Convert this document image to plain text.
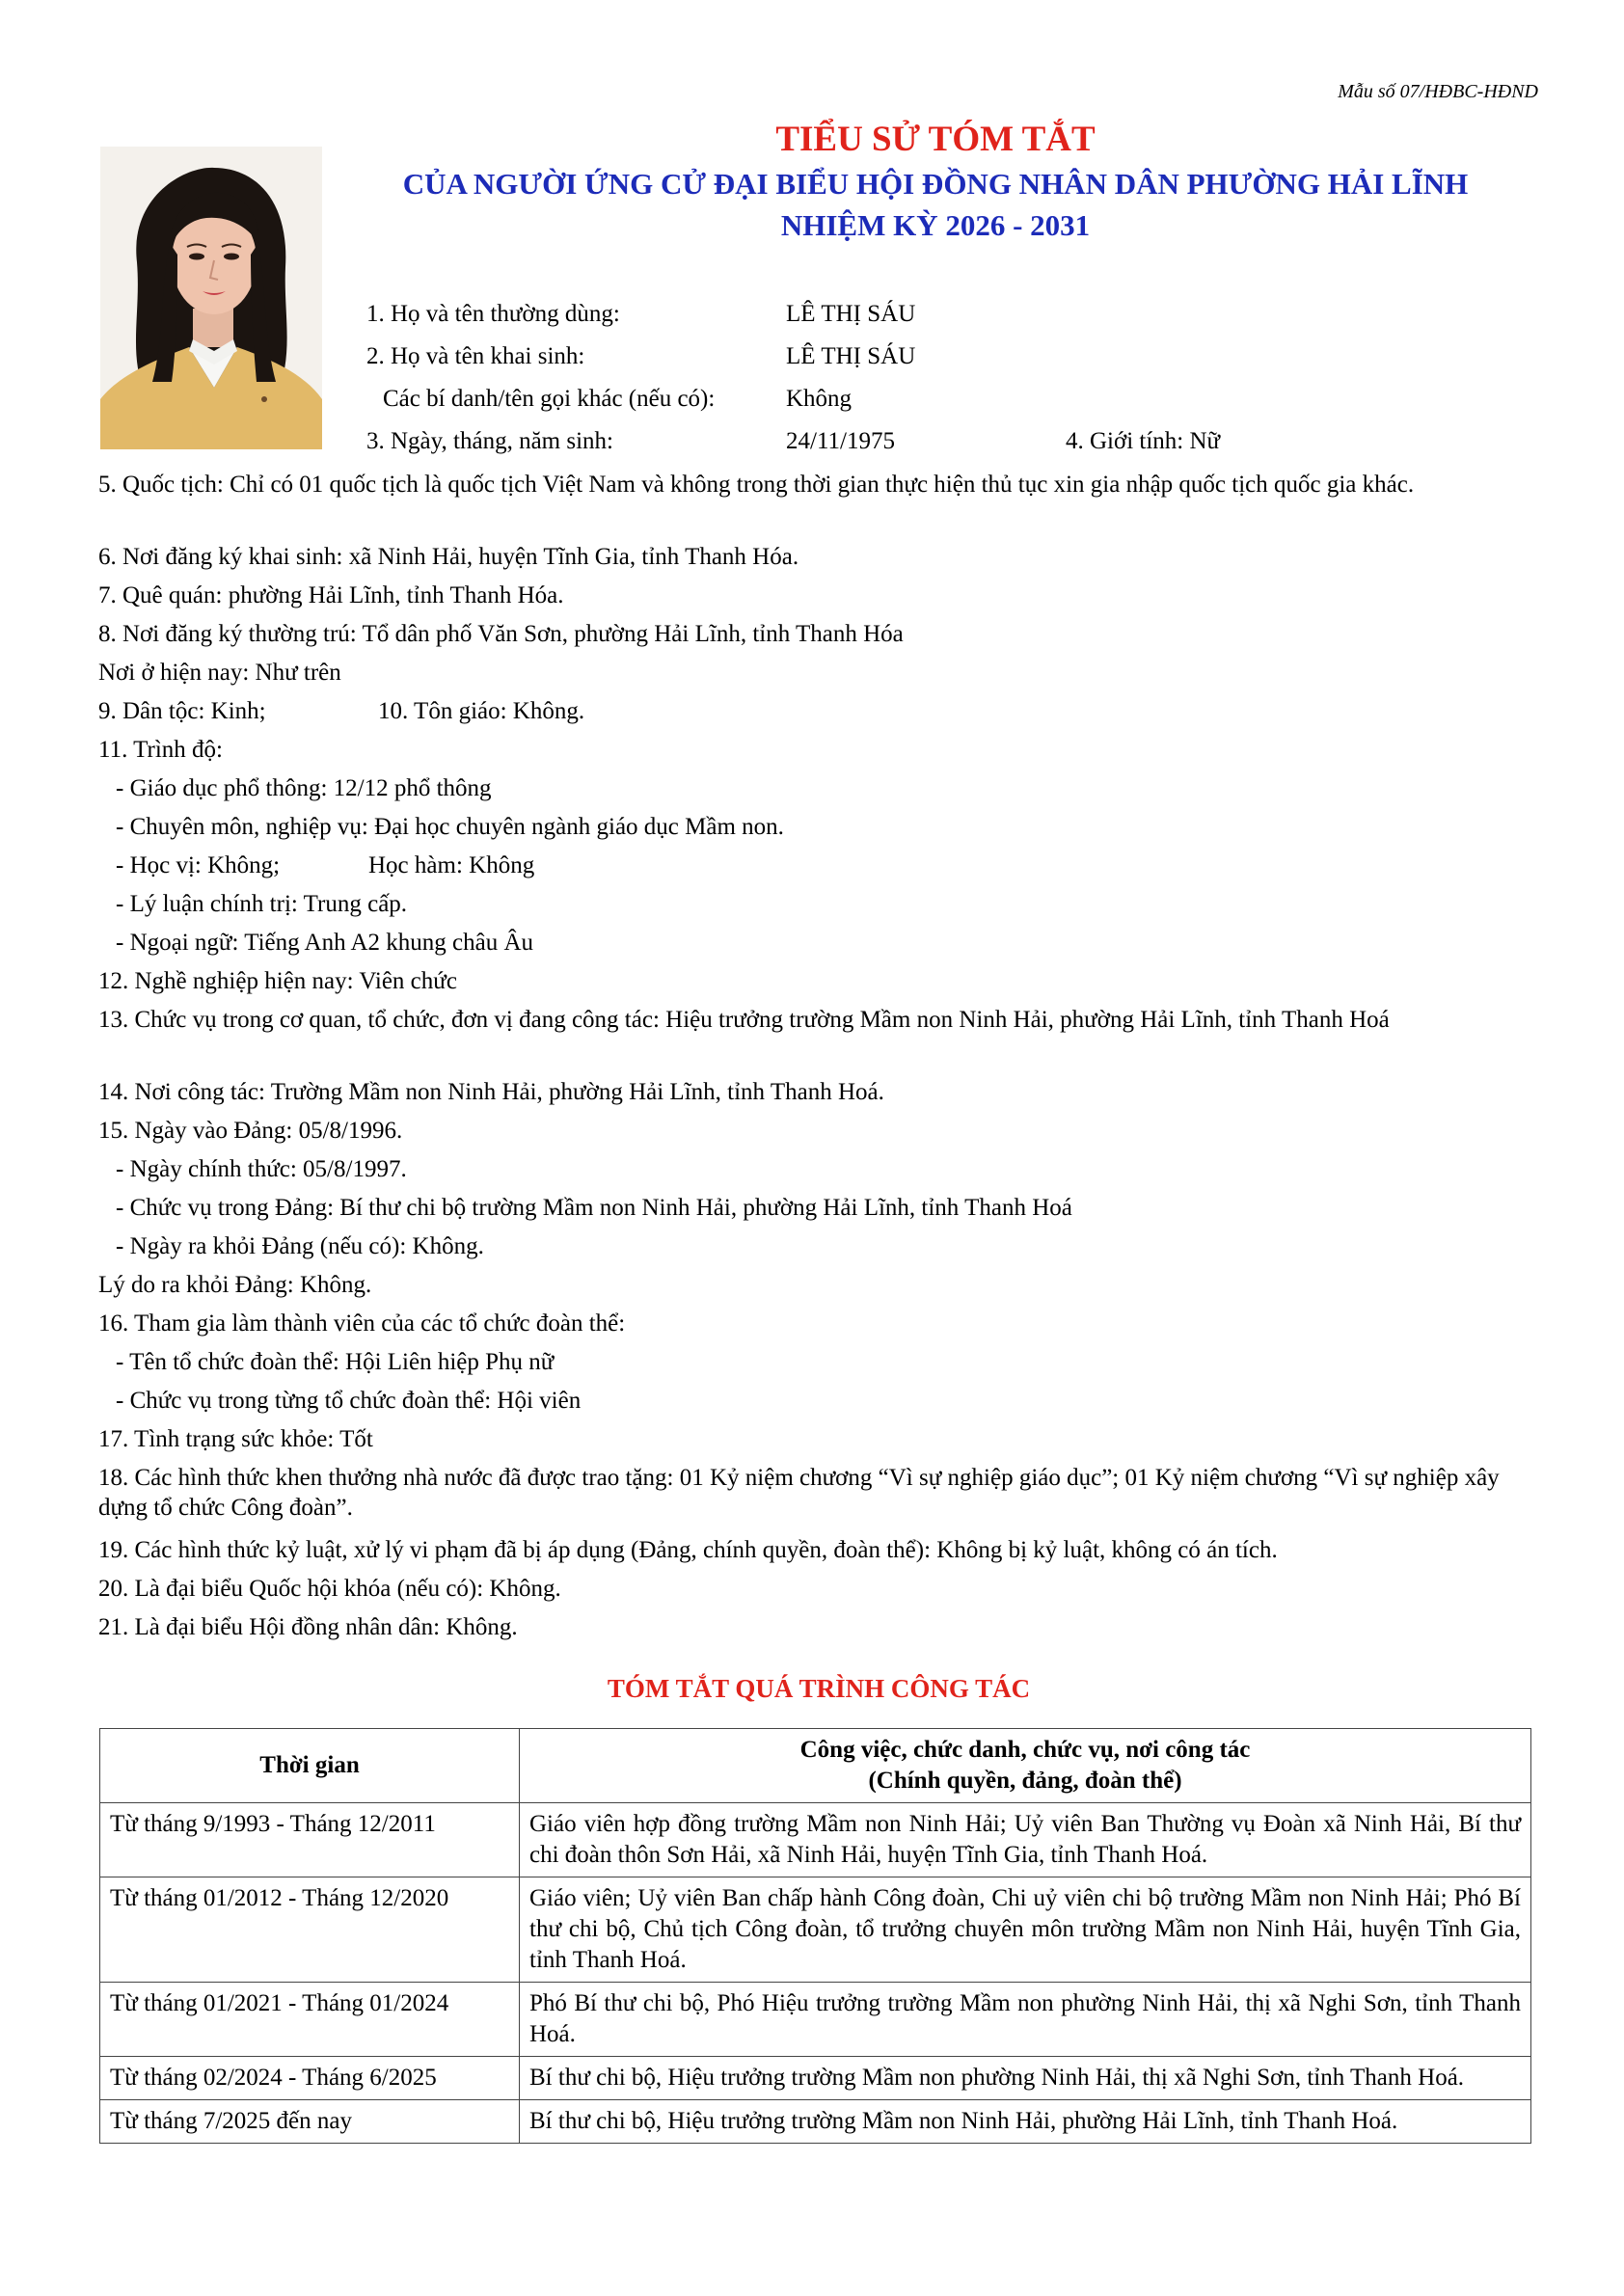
Mẫu số 07/HĐBC-HĐND
TIỂU SỬ TÓM TẮT
CỦA NGƯỜI ỨNG CỬ ĐẠI BIỂU HỘI ĐỒNG NHÂN DÂN PHƯỜNG HẢI LĨNH
NHIỆM KỲ 2026 - 2031
1. Họ và tên thường dùng:	LÊ THỊ SÁU
2. Họ và tên khai sinh:	LÊ THỊ SÁU
Các bí danh/tên gọi khác (nếu có):	Không
3. Ngày, tháng, năm sinh:	24/11/1975	4. Giới tính: Nữ
5. Quốc tịch: Chỉ có 01 quốc tịch là quốc tịch Việt Nam và không trong thời gian thực hiện thủ tục xin gia nhập quốc tịch quốc gia khác.
6. Nơi đăng ký khai sinh: xã Ninh Hải, huyện Tĩnh Gia, tỉnh Thanh Hóa.
7. Quê quán: phường Hải Lĩnh, tỉnh Thanh Hóa.
8. Nơi đăng ký thường trú: Tổ dân phố Văn Sơn, phường Hải Lĩnh, tỉnh Thanh Hóa
Nơi ở hiện nay: Như trên
9. Dân tộc: Kinh;	10. Tôn giáo: Không.
11. Trình độ:
- Giáo dục phổ thông: 12/12 phổ thông
- Chuyên môn, nghiệp vụ: Đại học chuyên ngành giáo dục Mầm non.
- Học vị: Không;	Học hàm: Không
- Lý luận chính trị: Trung cấp.
- Ngoại ngữ: Tiếng Anh A2 khung châu Âu
12. Nghề nghiệp hiện nay: Viên chức
13. Chức vụ trong cơ quan, tổ chức, đơn vị đang công tác: Hiệu trưởng trường Mầm non Ninh Hải, phường Hải Lĩnh, tỉnh Thanh Hoá
14. Nơi công tác: Trường Mầm non Ninh Hải, phường Hải Lĩnh, tỉnh Thanh Hoá.
15. Ngày vào Đảng: 05/8/1996.
- Ngày chính thức: 05/8/1997.
- Chức vụ trong Đảng: Bí thư chi bộ trường Mầm non Ninh Hải, phường Hải Lĩnh, tỉnh Thanh Hoá
- Ngày ra khỏi Đảng (nếu có): Không.
Lý do ra khỏi Đảng: Không.
16. Tham gia làm thành viên của các tổ chức đoàn thể:
- Tên tổ chức đoàn thể: Hội Liên hiệp Phụ nữ
- Chức vụ trong từng tổ chức đoàn thể: Hội viên
17. Tình trạng sức khỏe: Tốt
18. Các hình thức khen thưởng nhà nước đã được trao tặng: 01 Kỷ niệm chương “Vì sự nghiệp giáo dục”; 01 Kỷ niệm chương “Vì sự nghiệp xây dựng tổ chức Công đoàn”.
19. Các hình thức kỷ luật, xử lý vi phạm đã bị áp dụng (Đảng, chính quyền, đoàn thể): Không bị kỷ luật, không có án tích.
20. Là đại biểu Quốc hội khóa (nếu có): Không.
21. Là đại biểu Hội đồng nhân dân: Không.
TÓM TẮT QUÁ TRÌNH CÔNG TÁC
Thời gian	Công việc, chức danh, chức vụ, nơi công tác
(Chính quyền, đảng, đoàn thể)

Từ tháng 9/1993 - Tháng 12/2011	Giáo viên hợp đồng trường Mầm non Ninh Hải; Uỷ viên Ban Thường vụ Đoàn xã Ninh Hải, Bí thư chi đoàn thôn Sơn Hải, xã Ninh Hải, huyện Tĩnh Gia, tỉnh Thanh Hoá.
Từ tháng 01/2012 - Tháng 12/2020	Giáo viên; Uỷ viên Ban chấp hành Công đoàn, Chi uỷ viên chi bộ trường Mầm non Ninh Hải; Phó Bí thư chi bộ, Chủ tịch Công đoàn, tổ trưởng chuyên môn trường Mầm non Ninh Hải, huyện Tĩnh Gia, tỉnh Thanh Hoá.
Từ tháng 01/2021 - Tháng 01/2024	Phó Bí thư chi bộ, Phó Hiệu trưởng trường Mầm non phường Ninh Hải, thị xã Nghi Sơn, tỉnh Thanh Hoá.
Từ tháng 02/2024 - Tháng 6/2025	Bí thư chi bộ, Hiệu trưởng trường Mầm non phường Ninh Hải, thị xã Nghi Sơn, tỉnh Thanh Hoá.
Từ tháng 7/2025 đến nay	Bí thư chi bộ, Hiệu trưởng trường Mầm non Ninh Hải, phường Hải Lĩnh, tỉnh Thanh Hoá.
